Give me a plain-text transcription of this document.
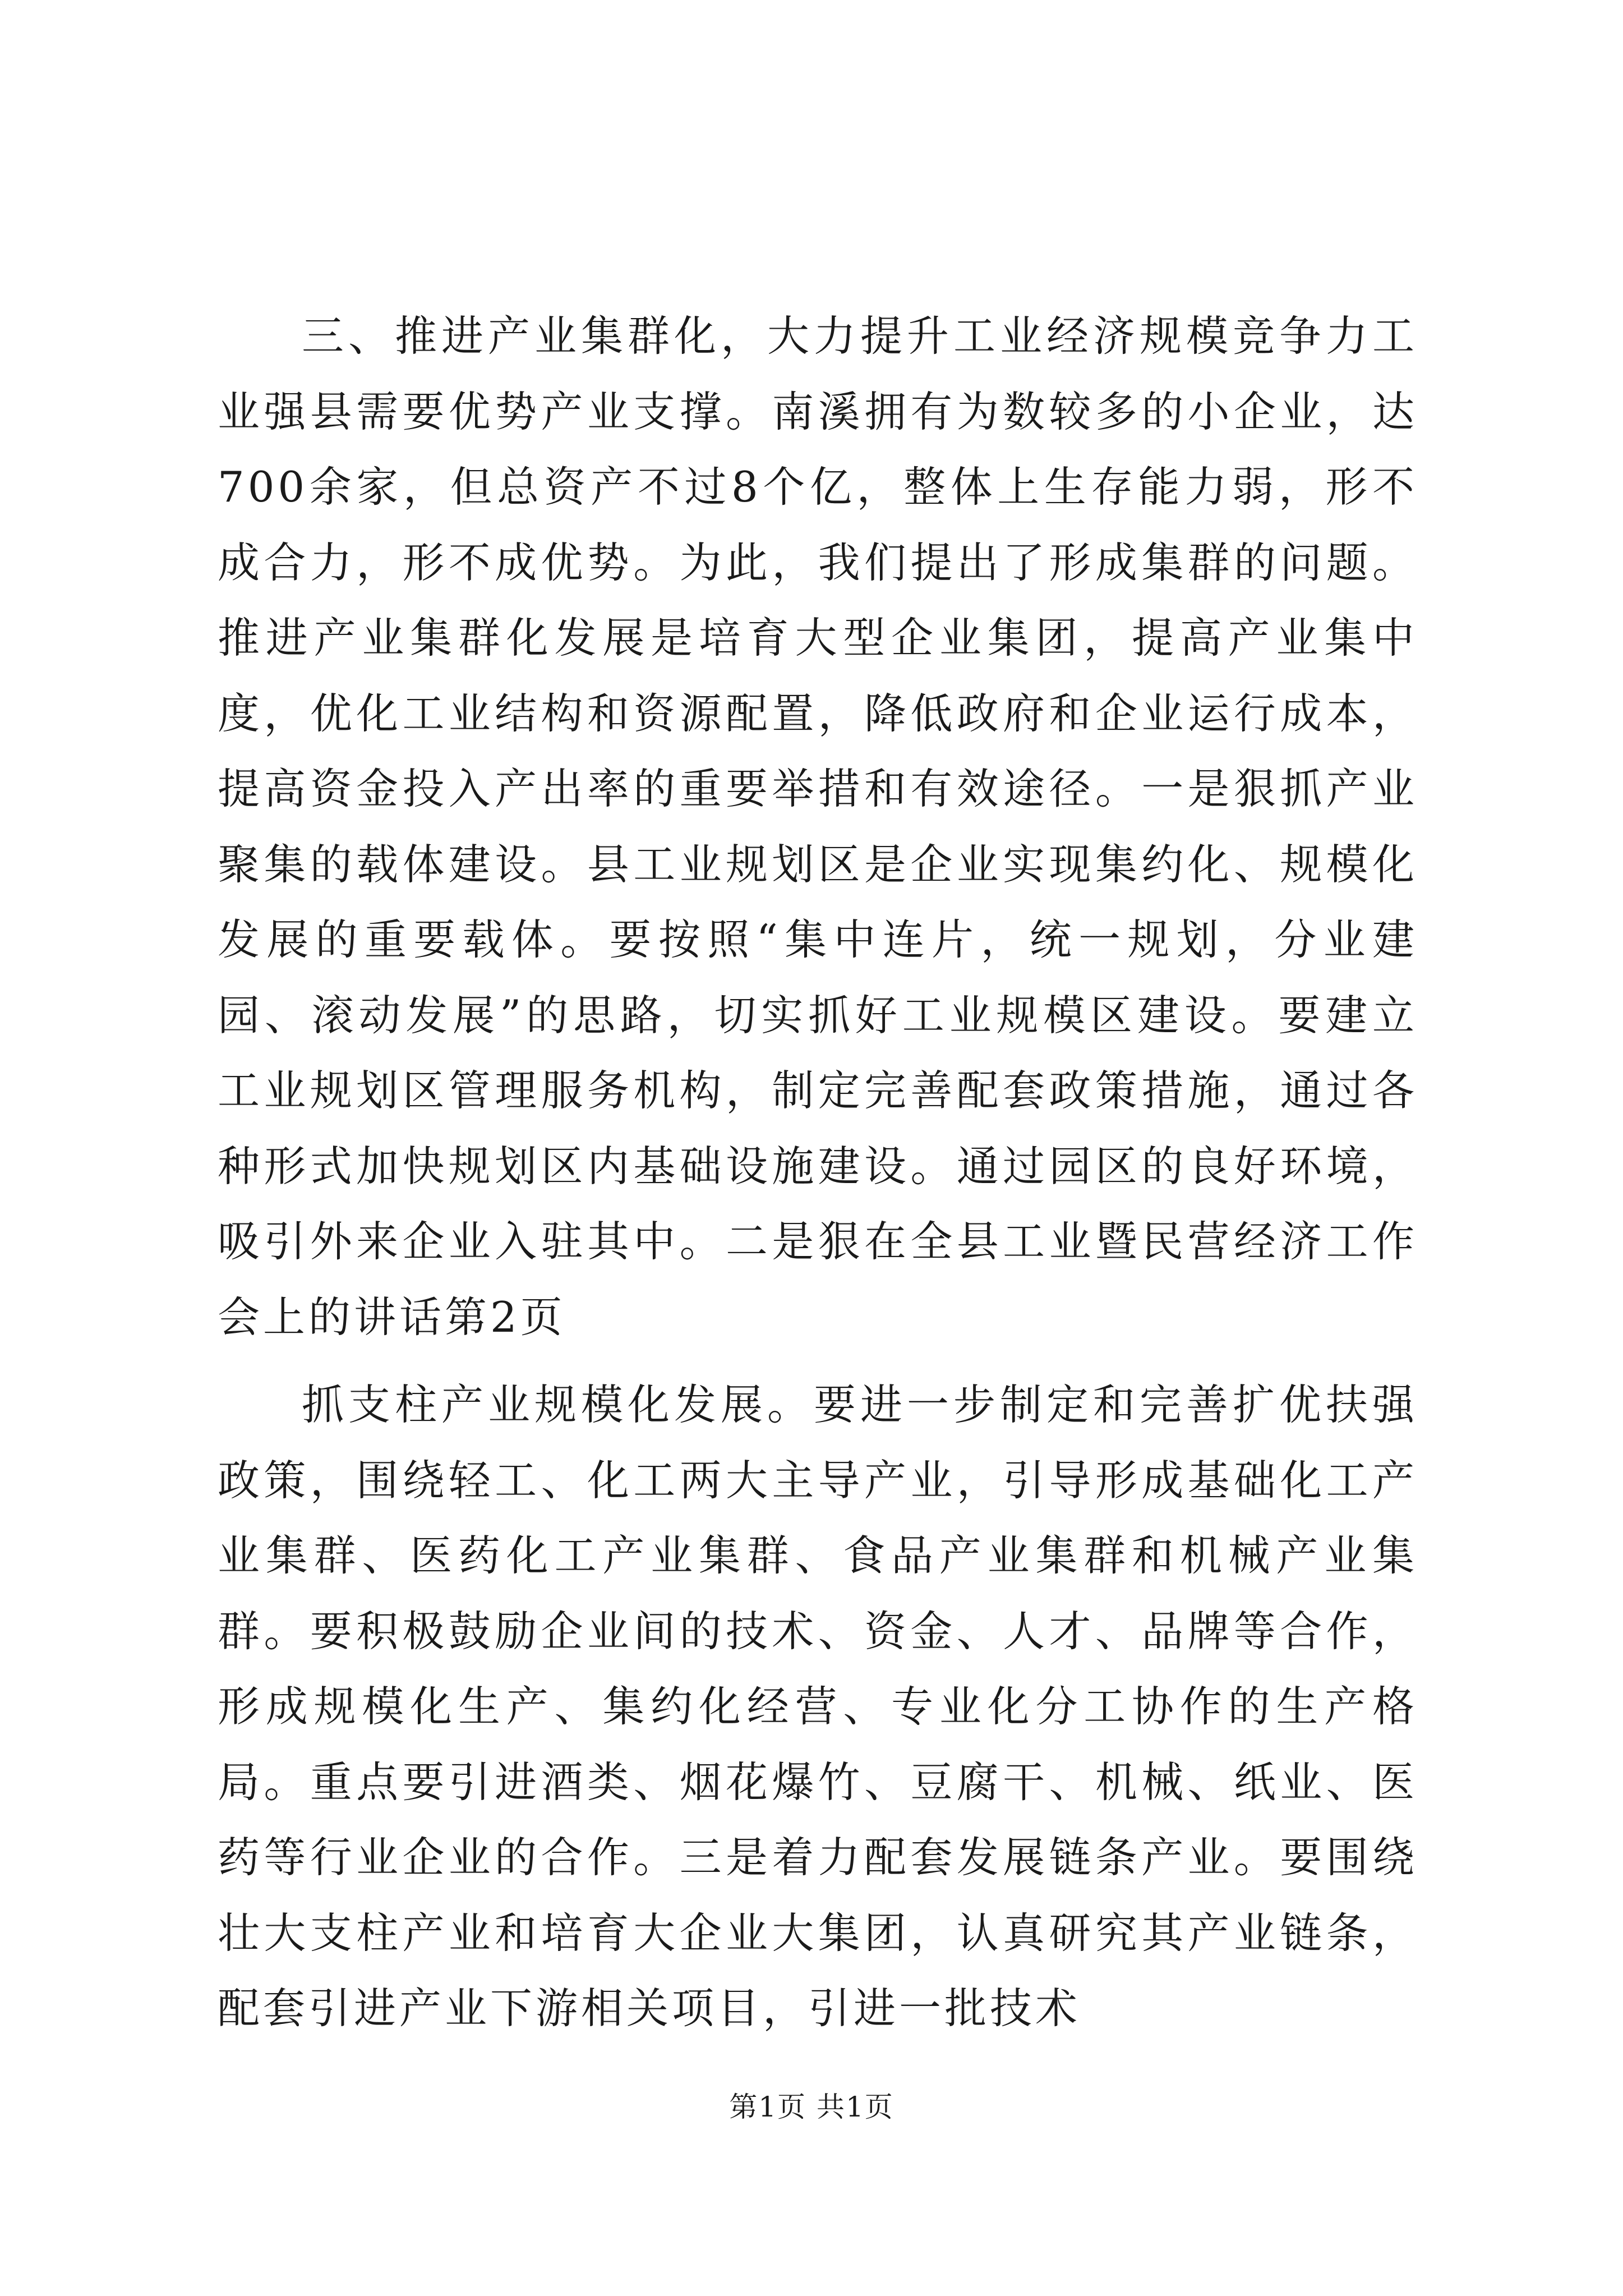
三、推进产业集群化，大力提升工业经济规模竞争力工业强县需要优势产业支撑。南溪拥有为数较多的小企业，达700余家，但总资产不过8个亿，整体上生存能力弱，形不成合力，形不成优势。为此，我们提出了形成集群的问题。推进产业集群化发展是培育大型企业集团，提高产业集中度，优化工业结构和资源配置，降低政府和企业运行成本，提高资金投入产出率的重要举措和有效途径。一是狠抓产业聚集的载体建设。县工业规划区是企业实现集约化、规模化发展的重要载体。要按照“集中连片，统一规划，分业建园、滚动发展”的思路，切实抓好工业规模区建设。要建立工业规划区管理服务机构，制定完善配套政策措施，通过各种形式加快规划区内基础设施建设。通过园区的良好环境，吸引外来企业入驻其中。二是狠在全县工业暨民营经济工作会上的讲话第2页

抓支柱产业规模化发展。要进一步制定和完善扩优扶强政策，围绕轻工、化工两大主导产业，引导形成基础化工产业集群、医药化工产业集群、食品产业集群和机械产业集群。要积极鼓励企业间的技术、资金、人才、品牌等合作，形成规模化生产、集约化经营、专业化分工协作的生产格局。重点要引进酒类、烟花爆竹、豆腐干、机械、纸业、医药等行业企业的合作。三是着力配套发展链条产业。要围绕壮大支柱产业和培育大企业大集团，认真研究其产业链条，配套引进产业下游相关项目，引进一批技术

第1页 共1页
